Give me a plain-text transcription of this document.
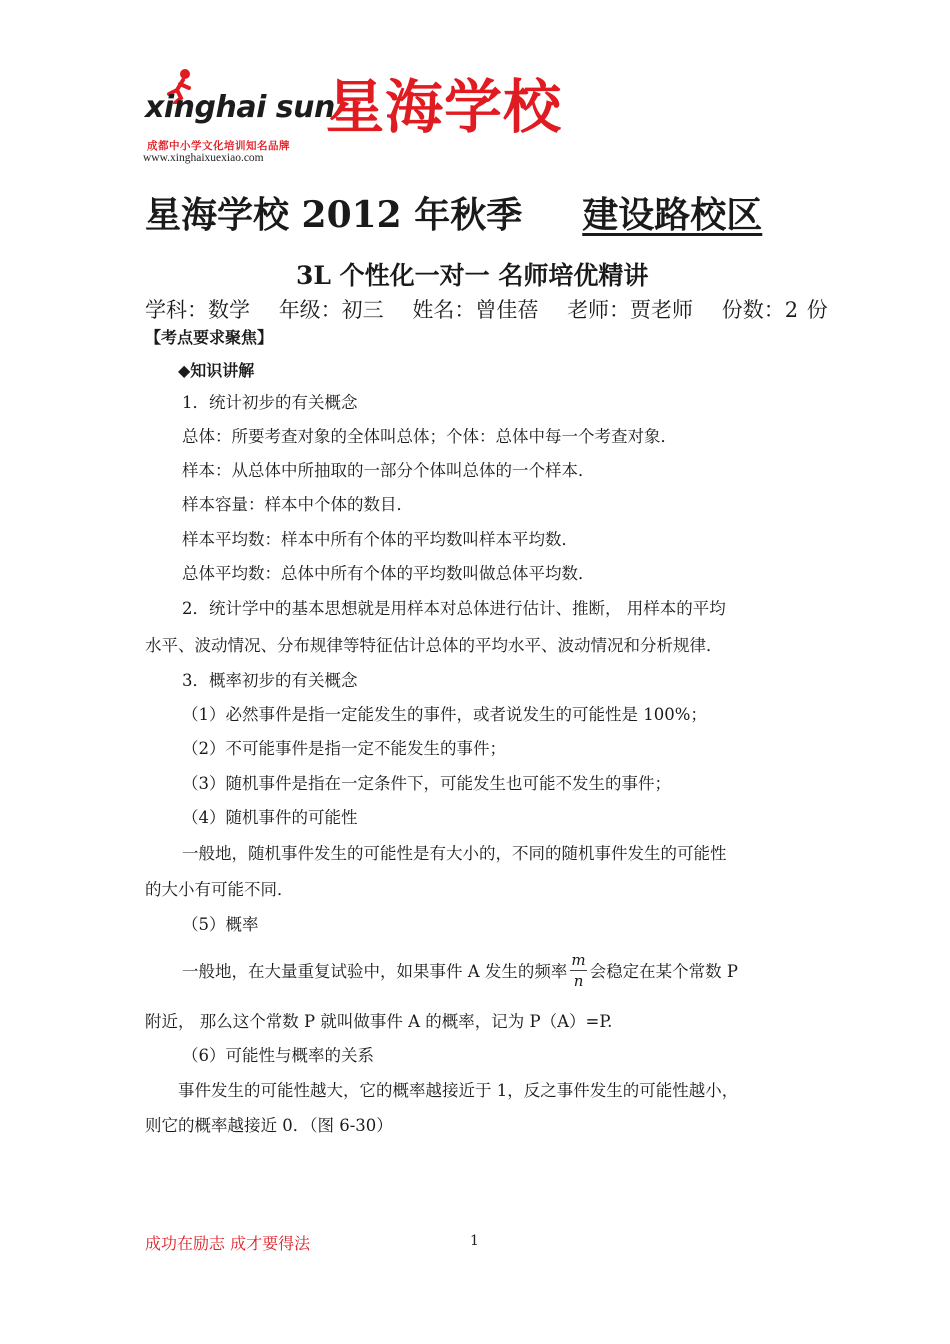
xinghai sun
星海学校
成都中小学文化培训知名品牌
www.xinghaixuexiao.com
星海学校 2012 年秋季 建设路校区
3L 个性化一对一 名师培优精讲
学科：数学 年级：初三 姓名：曾佳蓓 老师：贾老师 份数：2 份
【考点要求聚焦】
◆知识讲解
1．统计初步的有关概念
总体：所要考查对象的全体叫总体；个体：总体中每一个考查对象．
样本：从总体中所抽取的一部分个体叫总体的一个样本．
样本容量：样本中个体的数目．
样本平均数：样本中所有个体的平均数叫样本平均数．
总体平均数：总体中所有个体的平均数叫做总体平均数．
2．统计学中的基本思想就是用样本对总体进行估计、推断， 用样本的平均
水平、波动情况、分布规律等特征估计总体的平均水平、波动情况和分析规律．
3．概率初步的有关概念
（1）必然事件是指一定能发生的事件，或者说发生的可能性是 100%；
（2）不可能事件是指一定不能发生的事件；
（3）随机事件是指在一定条件下，可能发生也可能不发生的事件；
（4）随机事件的可能性
一般地，随机事件发生的可能性是有大小的，不同的随机事件发生的可能性
的大小有可能不同．
（5）概率
一般地，在大量重复试验中，如果事件 A 发生的频率 $\frac{m}{n}$ 会稳定在某个常数 P
附近， 那么这个常数 P 就叫做事件 A 的概率，记为 P（A）=P.
（6）可能性与概率的关系
事件发生的可能性越大，它的概率越接近于 1，反之事件发生的可能性越小，
则它的概率越接近 0．（图 6-30）
成功在励志 成才要得法	1
